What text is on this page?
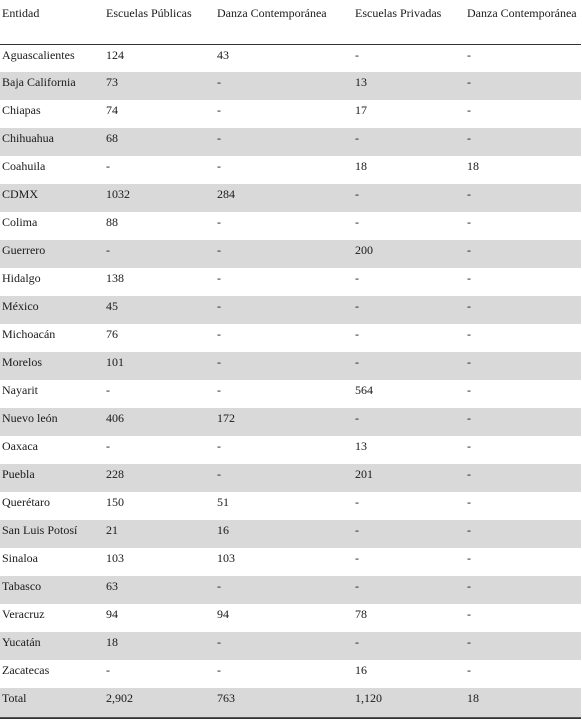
Entidad	Escuelas Públicas	Danza Contemporánea	Escuelas Privadas	Danza Contemporánea
Aguascalientes	124	43	-	-
Baja California	73	-	13	-
Chiapas	74	-	17	-
Chihuahua	68	-	-	-
Coahuila	-	-	18	18
CDMX	1032	284	-	-
Colima	88	-	-	-
Guerrero	-	-	200	-
Hidalgo	138	-	-	-
México	45	-	-	-
Michoacán	76	-	-	-
Morelos	101	-	-	-
Nayarit	-	-	564	-
Nuevo león	406	172	-	-
Oaxaca	-	-	13	-
Puebla	228	-	201	-
Querétaro	150	51	-	-
San Luis Potosí	21	16	-	-
Sinaloa	103	103	-	-
Tabasco	63	-	-	-
Veracruz	94	94	78	-
Yucatán	18	-	-	-
Zacatecas	-	-	16	-
Total	2,902	763	1,120	18
